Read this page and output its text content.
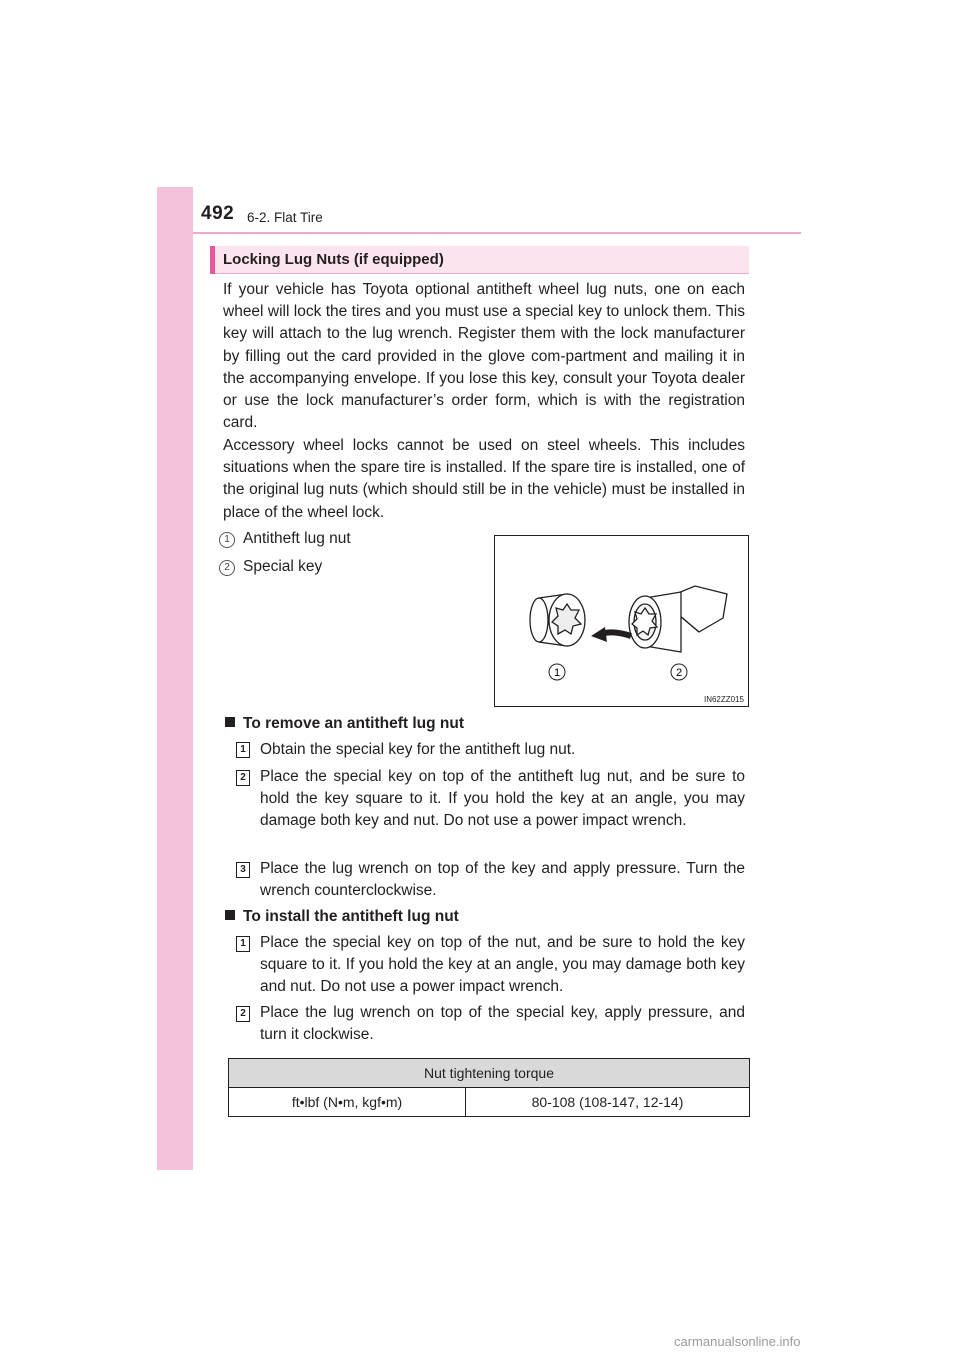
492 6-2. Flat Tire
Locking Lug Nuts (if equipped)

If your vehicle has Toyota optional antitheft wheel lug nuts, one on each wheel will lock the tires and you must use a special key to unlock them. This key will attach to the lug wrench. Register them with the lock manufacturer by filling out the card provided in the glove com-partment and mailing it in the accompanying envelope. If you lose this key, consult your Toyota dealer or use the lock manufacturer’s order form, which is with the registration card.

Accessory wheel locks cannot be used on steel wheels. This includes situations when the spare tire is installed. If the spare tire is installed, one of the original lug nuts (which should still be in the vehicle) must be installed in place of the wheel lock.

1 Antitheft lug nut
2 Special key
1	2
IN62ZZ015
To remove an antitheft lug nut
1 Obtain the special key for the antitheft lug nut.

2 Place the special key on top of the antitheft lug nut, and be sure to hold the key square to it. If you hold the key at an angle, you may damage both key and nut. Do not use a power impact wrench.

3 Place the lug wrench on top of the key and apply pressure. Turn the wrench counterclockwise.

To install the antitheft lug nut
1 Place the special key on top of the nut, and be sure to hold the key square to it. If you hold the key at an angle, you may damage both key and nut. Do not use a power impact wrench.

2 Place the lug wrench on top of the special key, apply pressure, and turn it clockwise.

Nut tightening torque
ft•lbf (N•m, kgf•m)	80-108 (108-147, 12-14)
carmanualsonline.info
